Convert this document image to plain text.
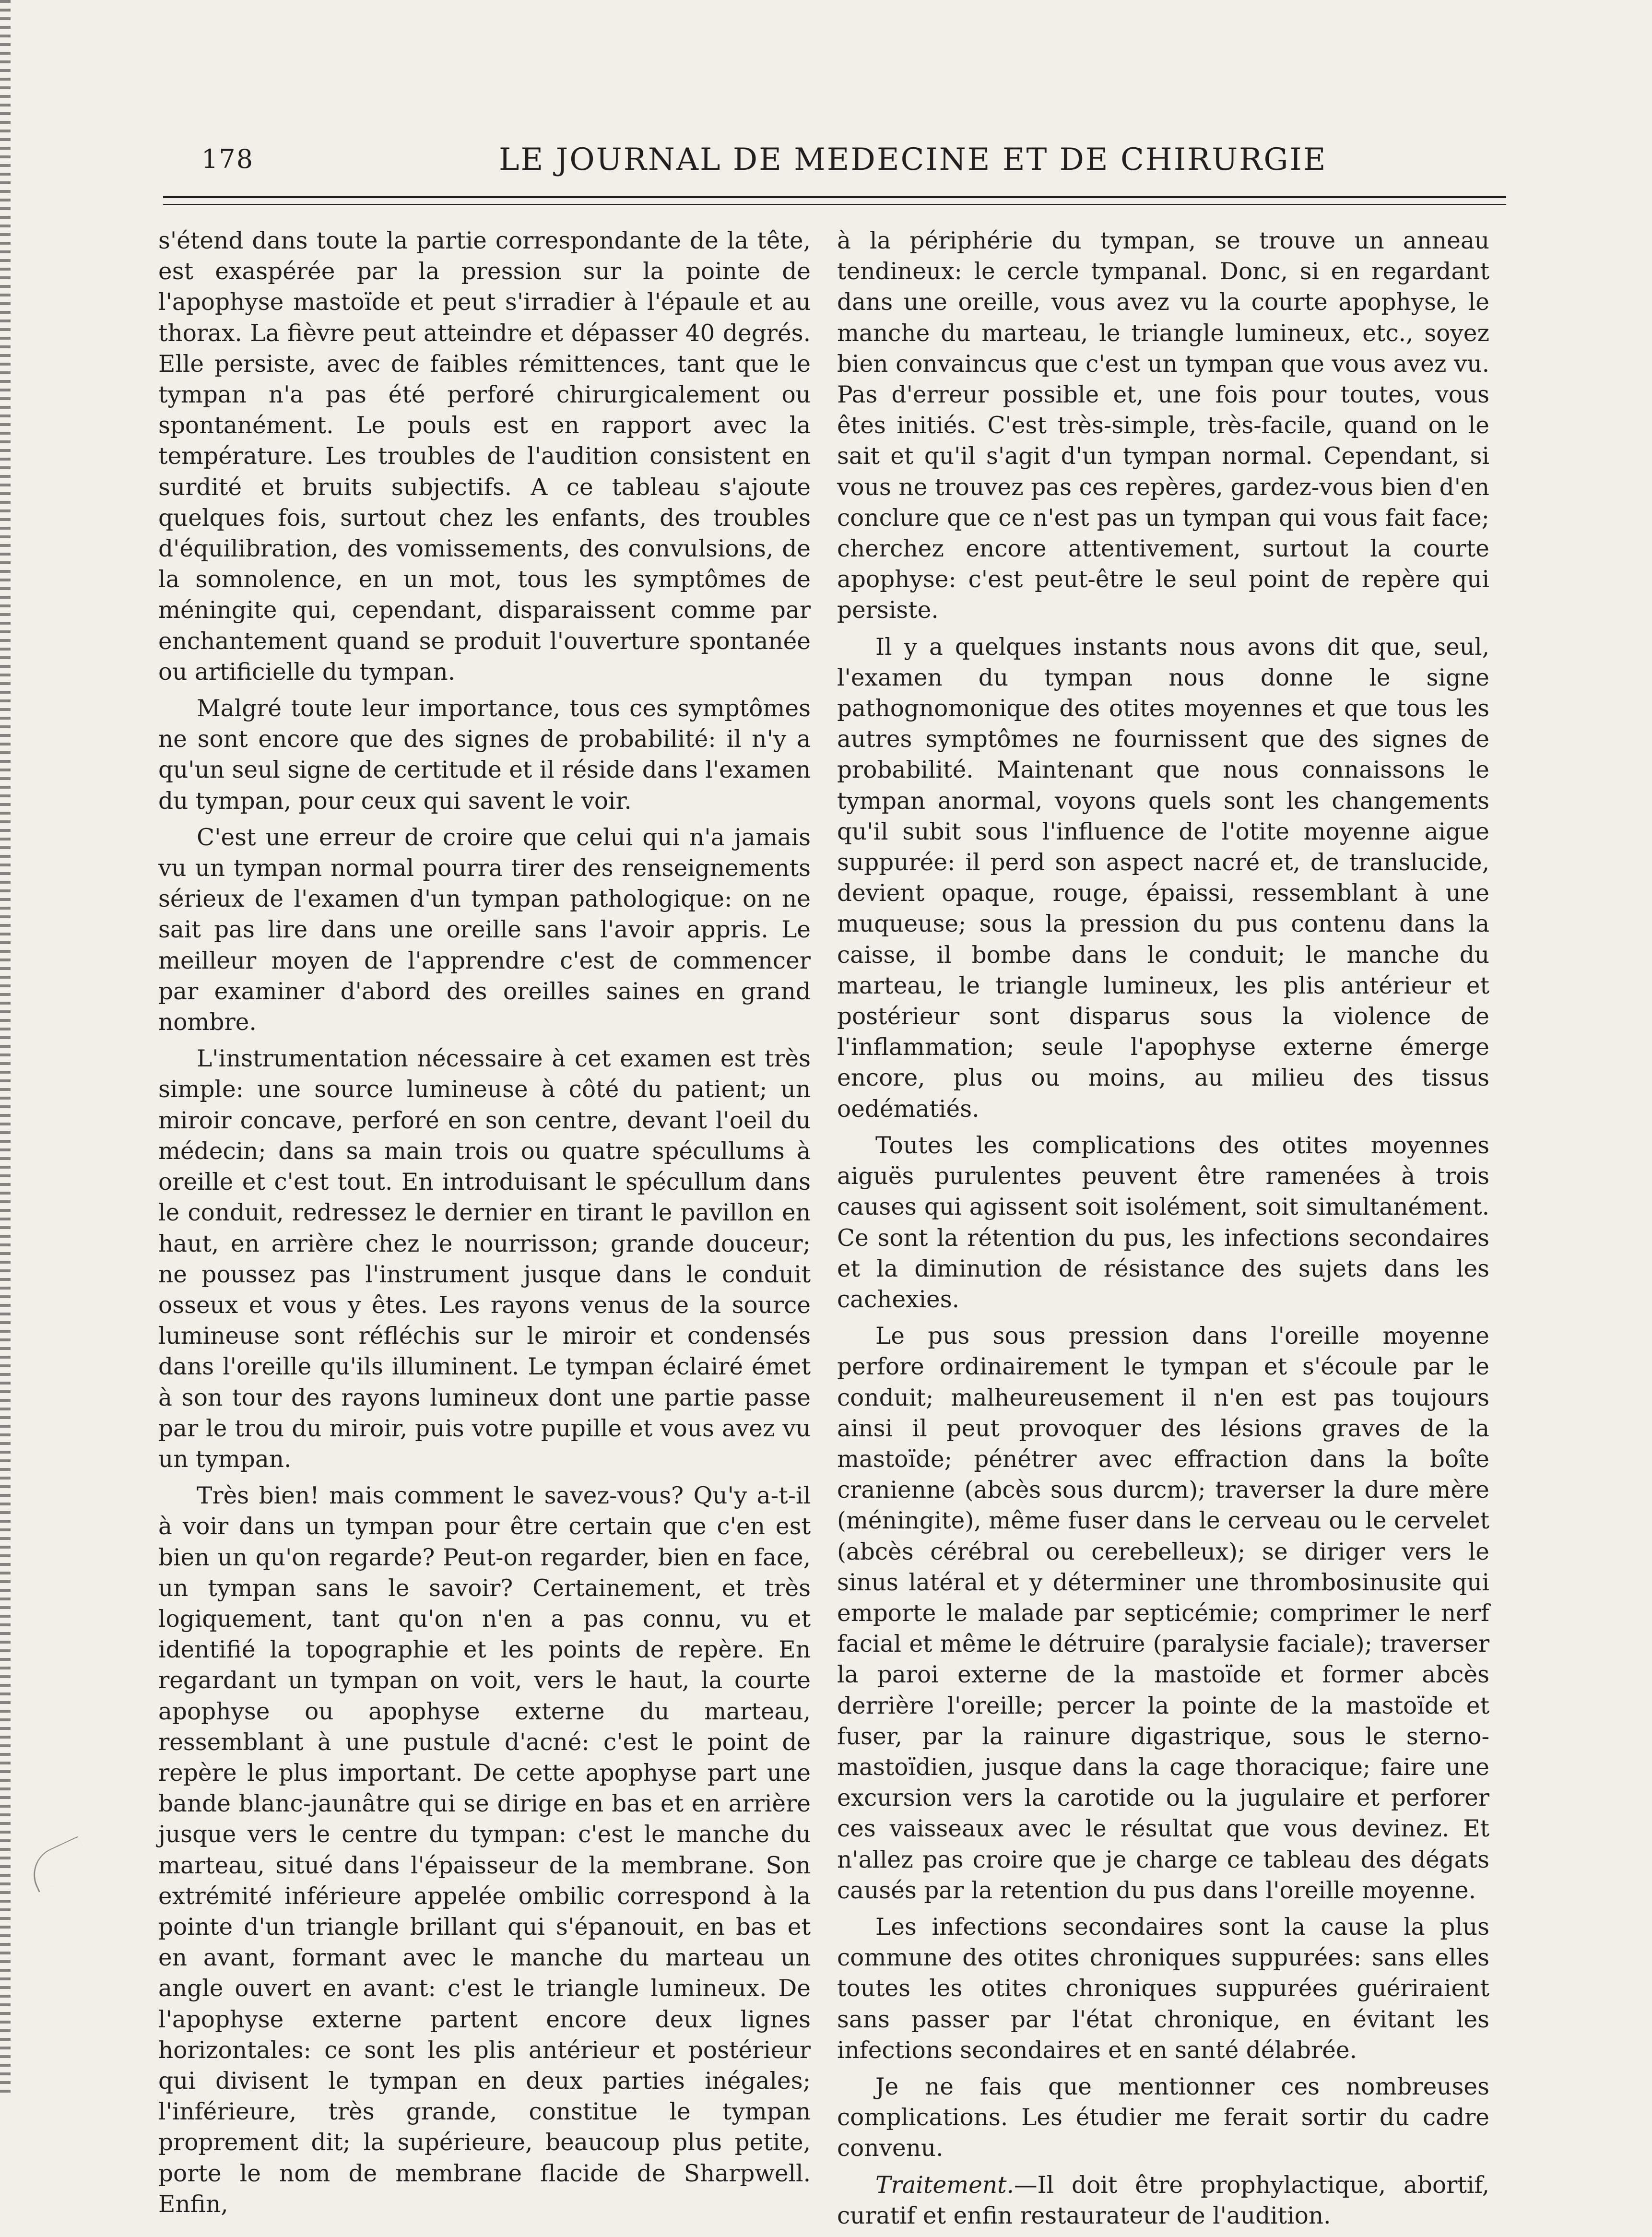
178	LE JOURNAL DE MEDECINE ET DE CHIRURGIE

s'étend dans toute la partie correspondante de la tête, est exaspérée par la pression sur la pointe de l'apophyse mastoïde et peut s'irradier à l'épaule et au thorax. La fièvre peut atteindre et dépasser 40 degrés. Elle persiste, avec de faibles rémittences, tant que le tympan n'a pas été perforé chirurgicalement ou spontanément. Le pouls est en rapport avec la température. Les troubles de l'audition consistent en surdité et bruits subjectifs. A ce tableau s'ajoute quelques fois, surtout chez les enfants, des troubles d'équilibration, des vomissements, des convulsions, de la somnolence, en un mot, tous les symptômes de méningite qui, cependant, disparaissent comme par enchantement quand se produit l'ouverture spontanée ou artificielle du tympan.

Malgré toute leur importance, tous ces symptômes ne sont encore que des signes de probabilité: il n'y a qu'un seul signe de certitude et il réside dans l'examen du tympan, pour ceux qui savent le voir.

C'est une erreur de croire que celui qui n'a jamais vu un tympan normal pourra tirer des renseignements sérieux de l'examen d'un tympan pathologique: on ne sait pas lire dans une oreille sans l'avoir appris. Le meilleur moyen de l'apprendre c'est de commencer par examiner d'abord des oreilles saines en grand nombre.

L'instrumentation nécessaire à cet examen est très simple: une source lumineuse à côté du patient; un miroir concave, perforé en son centre, devant l'oeil du médecin; dans sa main trois ou quatre spécullums à oreille et c'est tout. En introduisant le spécullum dans le conduit, redressez le dernier en tirant le pavillon en haut, en arrière chez le nourrisson; grande douceur; ne poussez pas l'instrument jusque dans le conduit osseux et vous y êtes. Les rayons venus de la source lumineuse sont réfléchis sur le miroir et condensés dans l'oreille qu'ils illuminent. Le tympan éclairé émet à son tour des rayons lumineux dont une partie passe par le trou du miroir, puis votre pupille et vous avez vu un tympan.

Très bien! mais comment le savez-vous? Qu'y a-t-il à voir dans un tympan pour être certain que c'en est bien un qu'on regarde? Peut-on regarder, bien en face, un tympan sans le savoir? Certainement, et très logiquement, tant qu'on n'en a pas connu, vu et identifié la topographie et les points de repère. En regardant un tympan on voit, vers le haut, la courte apophyse ou apophyse externe du marteau, ressemblant à une pustule d'acné: c'est le point de repère le plus important. De cette apophyse part une bande blanc-jaunâtre qui se dirige en bas et en arrière jusque vers le centre du tympan: c'est le manche du marteau, situé dans l'épaisseur de la membrane. Son extrémité inférieure appelée ombilic correspond à la pointe d'un triangle brillant qui s'épanouit, en bas et en avant, formant avec le manche du marteau un angle ouvert en avant: c'est le triangle lumineux. De l'apophyse externe partent encore deux lignes horizontales: ce sont les plis antérieur et postérieur qui divisent le tympan en deux parties inégales; l'inférieure, très grande, constitue le tympan proprement dit; la supérieure, beaucoup plus petite, porte le nom de membrane flacide de Sharpwell. Enfin,

à la périphérie du tympan, se trouve un anneau tendineux: le cercle tympanal. Donc, si en regardant dans une oreille, vous avez vu la courte apophyse, le manche du marteau, le triangle lumineux, etc., soyez bien convaincus que c'est un tympan que vous avez vu. Pas d'erreur possible et, une fois pour toutes, vous êtes initiés. C'est très-simple, très-facile, quand on le sait et qu'il s'agit d'un tympan normal. Cependant, si vous ne trouvez pas ces repères, gardez-vous bien d'en conclure que ce n'est pas un tympan qui vous fait face; cherchez encore attentivement, surtout la courte apophyse: c'est peut-être le seul point de repère qui persiste.

Il y a quelques instants nous avons dit que, seul, l'examen du tympan nous donne le signe pathognomonique des otites moyennes et que tous les autres symptômes ne fournissent que des signes de probabilité. Maintenant que nous connaissons le tympan anormal, voyons quels sont les changements qu'il subit sous l'influence de l'otite moyenne aigue suppurée: il perd son aspect nacré et, de translucide, devient opaque, rouge, épaissi, ressemblant à une muqueuse; sous la pression du pus contenu dans la caisse, il bombe dans le conduit; le manche du marteau, le triangle lumineux, les plis antérieur et postérieur sont disparus sous la violence de l'inflammation; seule l'apophyse externe émerge encore, plus ou moins, au milieu des tissus oedématiés.

Toutes les complications des otites moyennes aiguës purulentes peuvent être ramenées à trois causes qui agissent soit isolément, soit simultanément. Ce sont la rétention du pus, les infections secondaires et la diminution de résistance des sujets dans les cachexies.

Le pus sous pression dans l'oreille moyenne perfore ordinairement le tympan et s'écoule par le conduit; malheureusement il n'en est pas toujours ainsi il peut provoquer des lésions graves de la mastoïde; pénétrer avec effraction dans la boîte cranienne (abcès sous durcm); traverser la dure mère (méningite), même fuser dans le cerveau ou le cervelet (abcès cérébral ou cerebelleux); se diriger vers le sinus latéral et y déterminer une thrombosinusite qui emporte le malade par septicémie; comprimer le nerf facial et même le détruire (paralysie faciale); traverser la paroi externe de la mastoïde et former abcès derrière l'oreille; percer la pointe de la mastoïde et fuser, par la rainure digastrique, sous le sterno-mastoïdien, jusque dans la cage thoracique; faire une excursion vers la carotide ou la jugulaire et perforer ces vaisseaux avec le résultat que vous devinez. Et n'allez pas croire que je charge ce tableau des dégats causés par la retention du pus dans l'oreille moyenne.

Les infections secondaires sont la cause la plus commune des otites chroniques suppurées: sans elles toutes les otites chroniques suppurées guériraient sans passer par l'état chronique, en évitant les infections secondaires et en santé délabrée.

Je ne fais que mentionner ces nombreuses complications. Les étudier me ferait sortir du cadre convenu.

Traitement.—Il doit être prophylactique, abortif, curatif et enfin restaurateur de l'audition.
